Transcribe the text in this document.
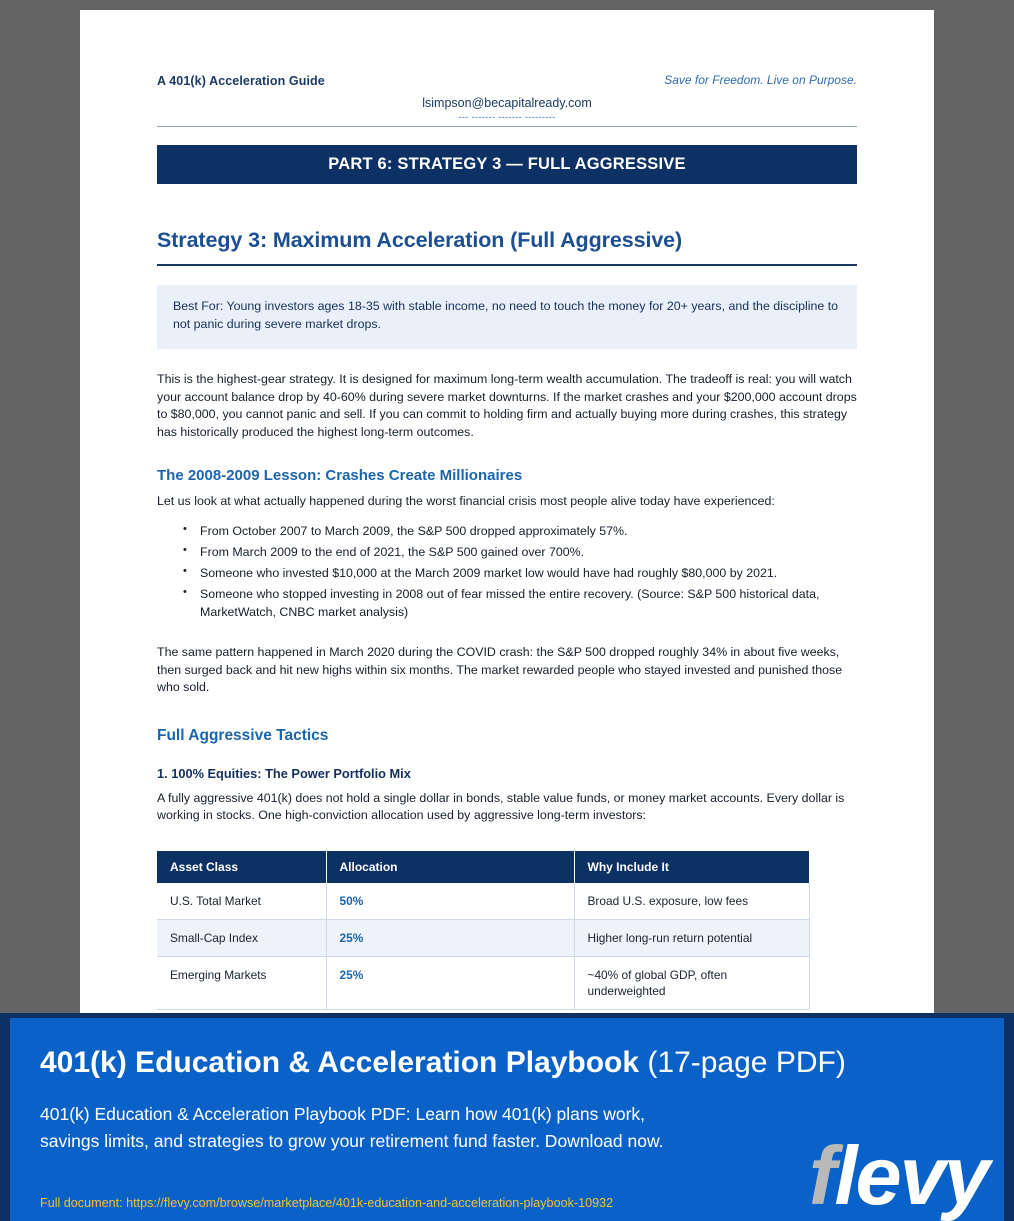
A 401(k) Acceleration Guide	Save for Freedom. Live on Purpose.
lsimpson@becapitalready.com
--- ------- ------- ---------
PART 6: STRATEGY 3 — FULL AGGRESSIVE
Strategy 3: Maximum Acceleration (Full Aggressive)
Best For: Young investors ages 18-35 with stable income, no need to touch the money for 20+ years, and the discipline to not panic during severe market drops.

This is the highest-gear strategy. It is designed for maximum long-term wealth accumulation. The tradeoff is real: you will watch your account balance drop by 40-60% during severe market downturns. If the market crashes and your $200,000 account drops to $80,000, you cannot panic and sell. If you can commit to holding firm and actually buying more during crashes, this strategy has historically produced the highest long-term outcomes.

The 2008-2009 Lesson: Crashes Create Millionaires

Let us look at what actually happened during the worst financial crisis most people alive today have experienced:

• From October 2007 to March 2009, the S&P 500 dropped approximately 57%.
• From March 2009 to the end of 2021, the S&P 500 gained over 700%.
• Someone who invested $10,000 at the March 2009 market low would have had roughly $80,000 by 2021.
• Someone who stopped investing in 2008 out of fear missed the entire recovery. (Source: S&P 500 historical data, MarketWatch, CNBC market analysis)

The same pattern happened in March 2020 during the COVID crash: the S&P 500 dropped roughly 34% in about five weeks, then surged back and hit new highs within six months. The market rewarded people who stayed invested and punished those who sold.

Full Aggressive Tactics
1. 100% Equities: The Power Portfolio Mix

A fully aggressive 401(k) does not hold a single dollar in bonds, stable value funds, or money market accounts. Every dollar is working in stocks. One high-conviction allocation used by aggressive long-term investors:

Asset Class	Allocation	Why Include It
U.S. Total Market	50%	Broad U.S. exposure, low fees
Small-Cap Index	25%	Higher long-run return potential
Emerging Markets	25%	~40% of global GDP, often underweighted
401(k) Education & Acceleration Playbook (17-page PDF)
401(k) Education & Acceleration Playbook PDF: Learn how 401(k) plans work, savings limits, and strategies to grow your retirement fund faster. Download now.
Full document: https://flevy.com/browse/marketplace/401k-education-and-acceleration-playbook-10932 flevy
